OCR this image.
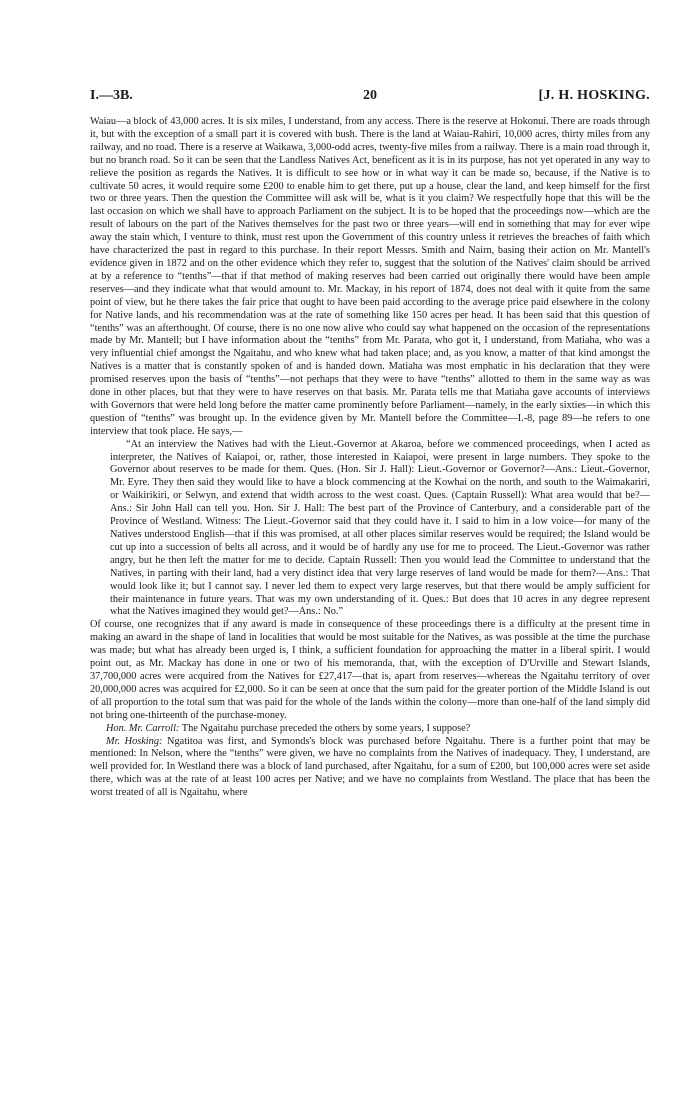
I.—3B.	20	[J. H. HOSKING.

Waiau—a block of 43,000 acres. It is six miles, I understand, from any access. There is the reserve at Hokonui. There are roads through it, but with the exception of a small part it is covered with bush. There is the land at Waiau-Rahiri, 10,000 acres, thirty miles from any railway, and no road. There is a reserve at Waikawa, 3,000-odd acres, twenty-five miles from a railway. There is a main road through it, but no branch road. So it can be seen that the Landless Natives Act, beneficent as it is in its purpose, has not yet operated in any way to relieve the position as regards the Natives. It is difficult to see how or in what way it can be made so, because, if the Native is to cultivate 50 acres, it would require some £200 to enable him to get there, put up a house, clear the land, and keep himself for the first two or three years. Then the question the Committee will ask will be, what is it you claim? We respectfully hope that this will be the last occasion on which we shall have to approach Parliament on the subject. It is to be hoped that the proceedings now—which are the result of labours on the part of the Natives themselves for the past two or three years—will end in something that may for ever wipe away the stain which, I venture to think, must rest upon the Government of this country unless it retrieves the breaches of faith which have characterized the past in regard to this purchase. In their report Messrs. Smith and Nairn, basing their action on Mr. Mantell's evidence given in 1872 and on the other evidence which they refer to, suggest that the solution of the Natives' claim should be arrived at by a reference to “tenths”—that if that method of making reserves had been carried out originally there would have been ample reserves—and they indicate what that would amount to. Mr. Mackay, in his report of 1874, does not deal with it quite from the same point of view, but he there takes the fair price that ought to have been paid according to the average price paid elsewhere in the colony for Native lands, and his recommendation was at the rate of something like 150 acres per head. It has been said that this question of “tenths” was an afterthought. Of course, there is no one now alive who could say what happened on the occasion of the representations made by Mr. Mantell; but I have information about the “tenths” from Mr. Parata, who got it, I understand, from Matiaha, who was a very influential chief amongst the Ngaitahu, and who knew what had taken place; and, as you know, a matter of that kind amongst the Natives is a matter that is constantly spoken of and is handed down. Matiaha was most emphatic in his declaration that they were promised reserves upon the basis of “tenths”—not perhaps that they were to have “tenths” allotted to them in the same way as was done in other places, but that they were to have reserves on that basis. Mr. Parata tells me that Matiaha gave accounts of interviews with Governors that were held long before the matter came prominently before Parliament—namely, in the early sixties—in which this question of “tenths” was brought up. In the evidence given by Mr. Mantell before the Committee—I.-8, page 89—he refers to one interview that took place. He says,—

“At an interview the Natives had with the Lieut.-Governor at Akaroa, before we commenced proceedings, when I acted as interpreter, the Natives of Kaiapoi, or, rather, those interested in Kaiapoi, were present in large numbers. They spoke to the Governor about reserves to be made for them. Ques. (Hon. Sir J. Hall): Lieut.-Governor or Governor?—Ans.: Lieut.-Governor, Mr. Eyre. They then said they would like to have a block commencing at the Kowhai on the north, and south to the Waimakariri, or Waikirikiri, or Selwyn, and extend that width across to the west coast. Ques. (Captain Russell): What area would that be?—Ans.: Sir John Hall can tell you. Hon. Sir J. Hall: The best part of the Province of Canterbury, and a considerable part of the Province of Westland. Witness: The Lieut.-Governor said that they could have it. I said to him in a low voice—for many of the Natives understood English—that if this was promised, at all other places similar reserves would be required; the Island would be cut up into a succession of belts all across, and it would be of hardly any use for me to proceed. The Lieut.-Governor was rather angry, but he then left the matter for me to decide. Captain Russell: Then you would lead the Committee to understand that the Natives, in parting with their land, had a very distinct idea that very large reserves of land would be made for them?—Ans.: That would look like it; but I cannot say. I never led them to expect very large reserves, but that there would be amply sufficient for their maintenance in future years. That was my own understanding of it. Ques.: But does that 10 acres in any degree represent what the Natives imagined they would get?—Ans.: No.”

Of course, one recognizes that if any award is made in consequence of these proceedings there is a difficulty at the present time in making an award in the shape of land in localities that would be most suitable for the Natives, as was possible at the time the purchase was made; but what has already been urged is, I think, a sufficient foundation for approaching the matter in a liberal spirit. I would point out, as Mr. Mackay has done in one or two of his memoranda, that, with the exception of D'Urville and Stewart Islands, 37,700,000 acres were acquired from the Natives for £27,417—that is, apart from reserves—whereas the Ngaitahu territory of over 20,000,000 acres was acquired for £2,000. So it can be seen at once that the sum paid for the greater portion of the Middle Island is out of all proportion to the total sum that was paid for the whole of the lands within the colony—more than one-half of the land simply did not bring one-thirteenth of the purchase-money.

Hon. Mr. Carroll: The Ngaitahu purchase preceded the others by some years, I suppose?

Mr. Hosking: Ngatitoa was first, and Symonds's block was purchased before Ngaitahu. There is a further point that may be mentioned: In Nelson, where the “tenths” were given, we have no complaints from the Natives of inadequacy. They, I understand, are well provided for. In Westland there was a block of land purchased, after Ngaitahu, for a sum of £200, but 100,000 acres were set aside there, which was at the rate of at least 100 acres per Native; and we have no complaints from Westland. The place that has been the worst treated of all is Ngaitahu, where
